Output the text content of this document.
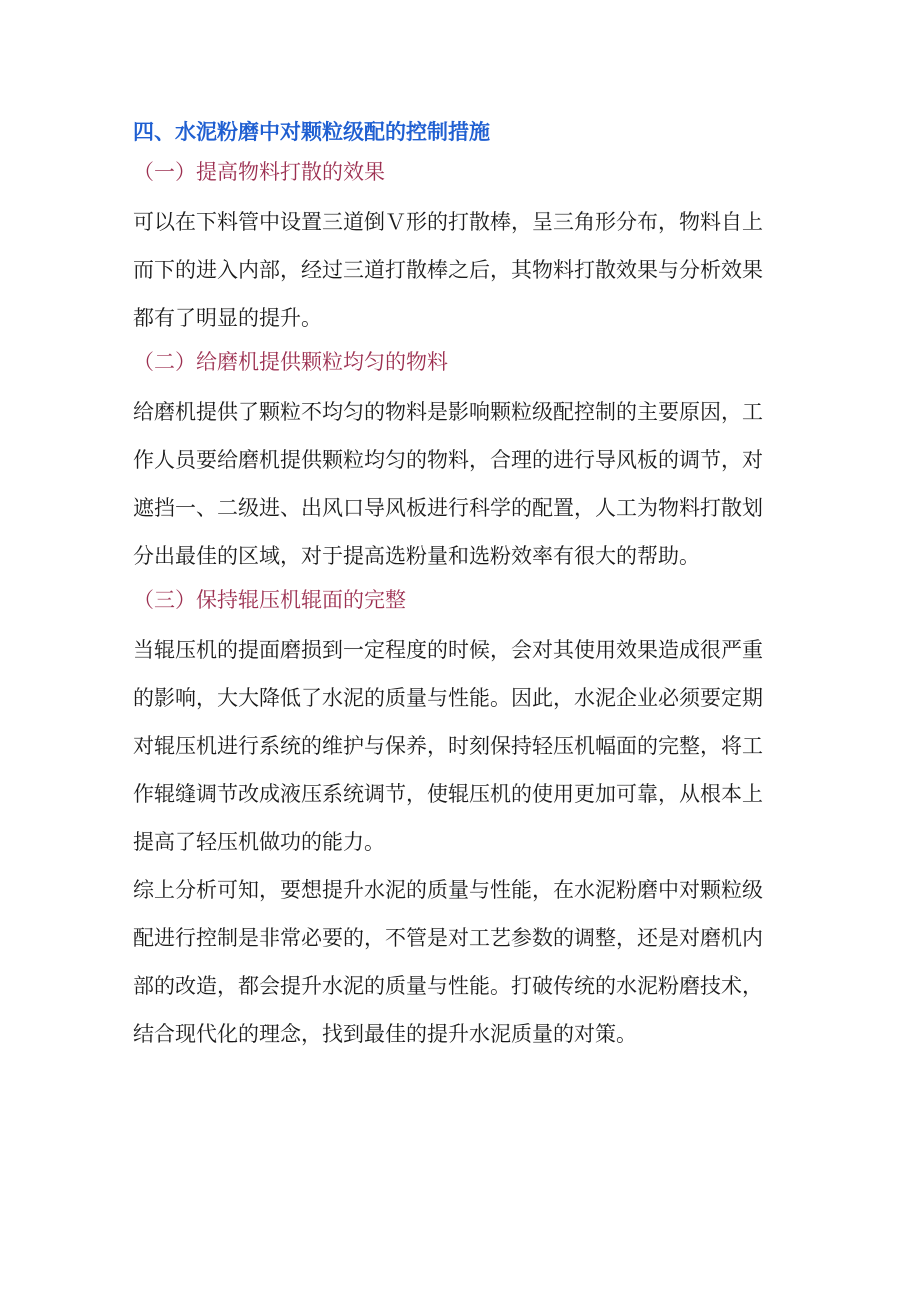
四、水泥粉磨中对颗粒级配的控制措施
（一）提高物料打散的效果

可以在下料管中设置三道倒Ｖ形的打散棒，呈三角形分布，物料自上
而下的进入内部，经过三道打散棒之后，其物料打散效果与分析效果
都有了明显的提升。

（二）给磨机提供颗粒均匀的物料

给磨机提供了颗粒不均匀的物料是影响颗粒级配控制的主要原因，工
作人员要给磨机提供颗粒均匀的物料，合理的进行导风板的调节，对
遮挡一、二级进、出风口导风板进行科学的配置，人工为物料打散划
分出最佳的区域，对于提高选粉量和选粉效率有很大的帮助。

（三）保持辊压机辊面的完整

当辊压机的提面磨损到一定程度的时候，会对其使用效果造成很严重
的影响，大大降低了水泥的质量与性能。因此，水泥企业必须要定期
对辊压机进行系统的维护与保养，时刻保持轻压机幅面的完整，将工
作辊缝调节改成液压系统调节，使辊压机的使用更加可靠，从根本上
提高了轻压机做功的能力。

综上分析可知，要想提升水泥的质量与性能，在水泥粉磨中对颗粒级
配进行控制是非常必要的，不管是对工艺参数的调整，还是对磨机内
部的改造，都会提升水泥的质量与性能。打破传统的水泥粉磨技术，
结合现代化的理念，找到最佳的提升水泥质量的对策。
